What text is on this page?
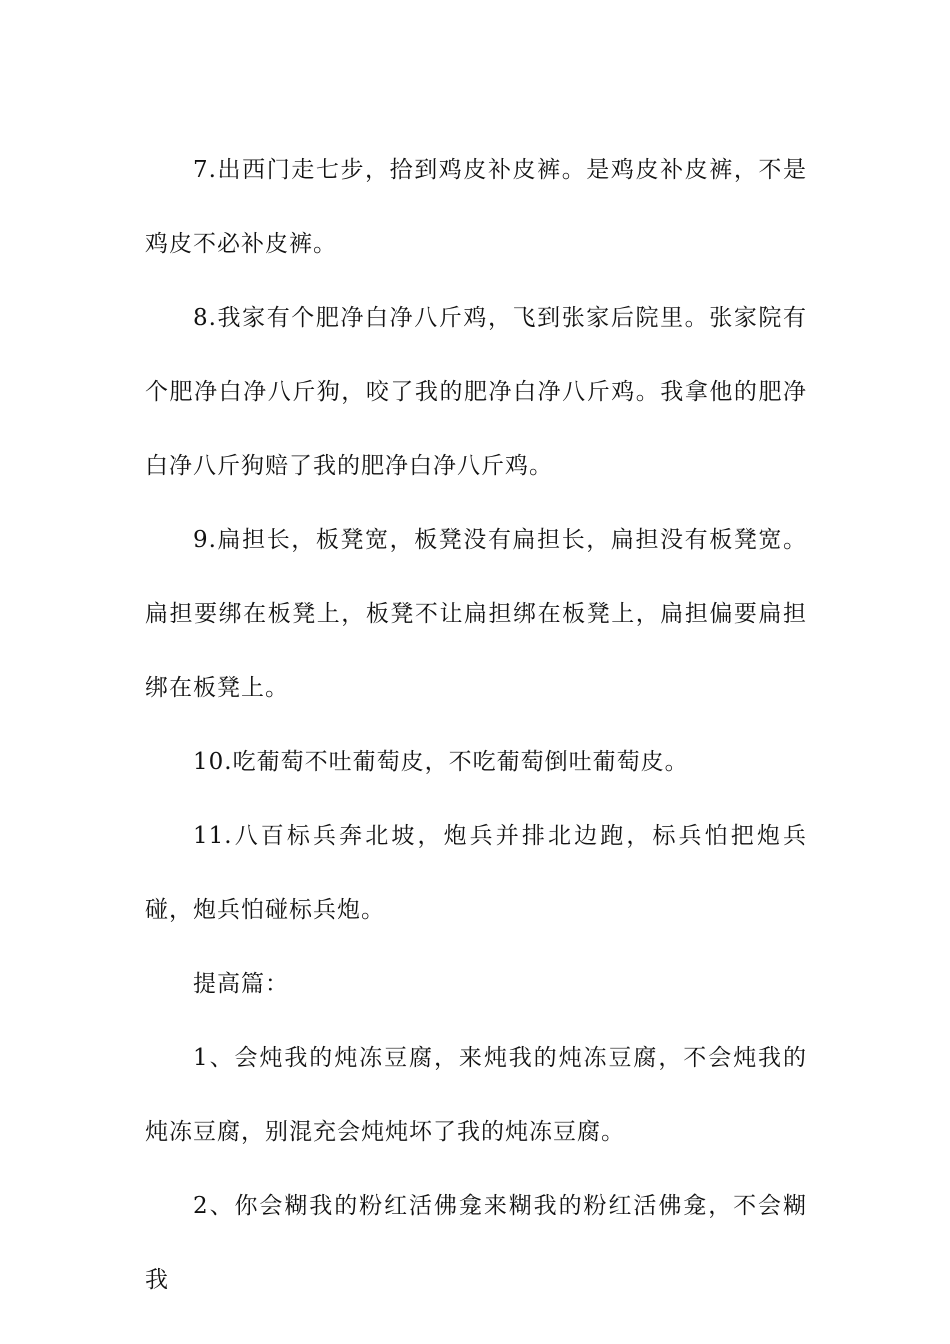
7.出西门走七步，拾到鸡皮补皮裤。是鸡皮补皮裤，不是鸡皮不必补皮裤。

8.我家有个肥净白净八斤鸡，飞到张家后院里。张家院有个肥净白净八斤狗，咬了我的肥净白净八斤鸡。我拿他的肥净白净八斤狗赔了我的肥净白净八斤鸡。

9.扁担长，板凳宽，板凳没有扁担长，扁担没有板凳宽。扁担要绑在板凳上，板凳不让扁担绑在板凳上，扁担偏要扁担绑在板凳上。

10.吃葡萄不吐葡萄皮，不吃葡萄倒吐葡萄皮。

11.八百标兵奔北坡，炮兵并排北边跑，标兵怕把炮兵碰，炮兵怕碰标兵炮。

提高篇：

1、会炖我的炖冻豆腐，来炖我的炖冻豆腐，不会炖我的炖冻豆腐，别混充会炖炖坏了我的炖冻豆腐。

2、你会糊我的粉红活佛龛来糊我的粉红活佛龛，不会糊我
